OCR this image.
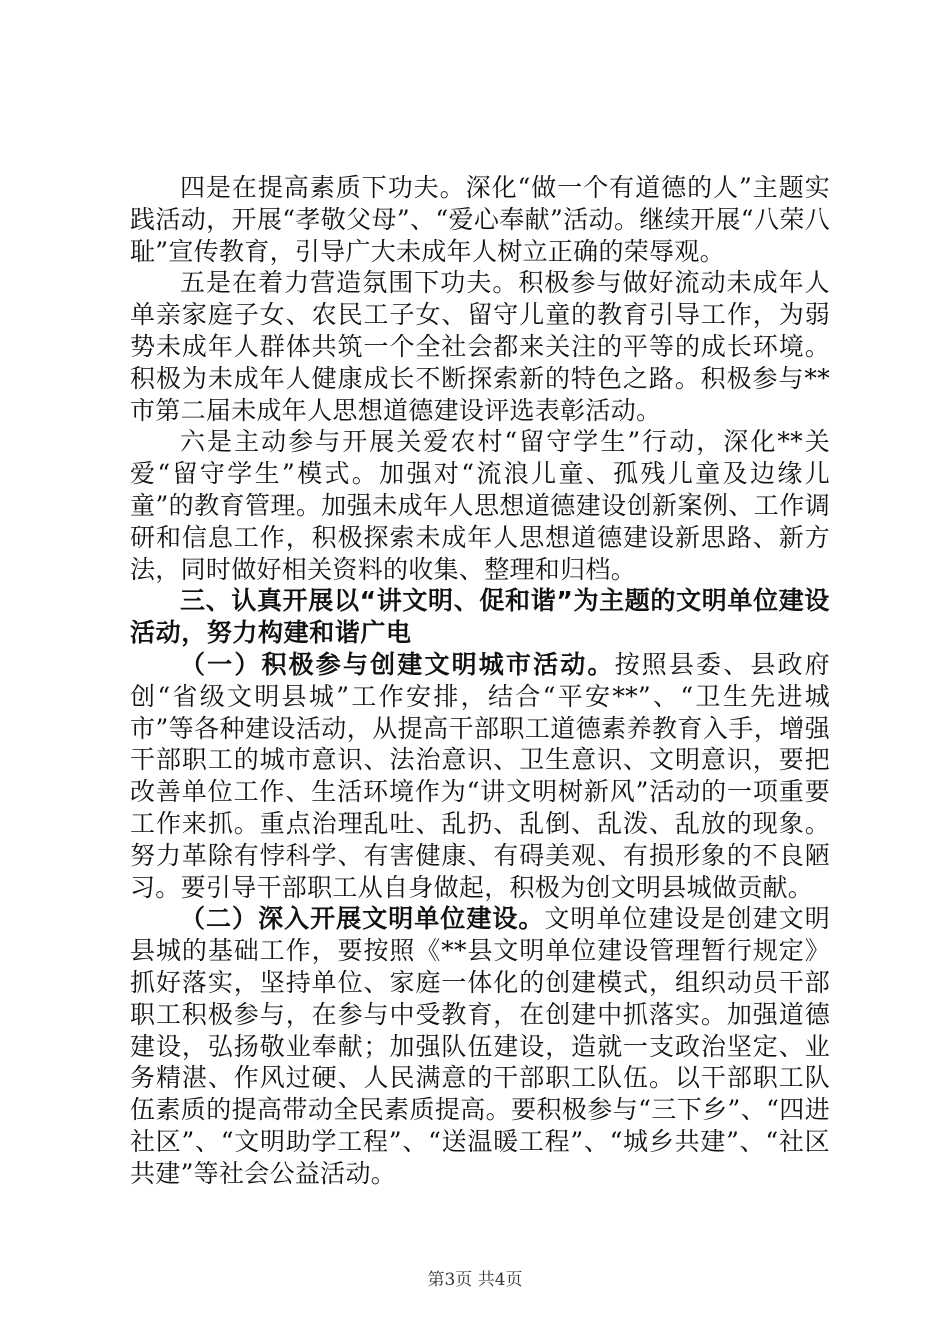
四是在提高素质下功夫。深化“做一个有道德的人”主题实践活动，开展“孝敬父母”、“爱心奉献”活动。继续开展“八荣八耻”宣传教育，引导广大未成年人树立正确的荣辱观。

五是在着力营造氛围下功夫。积极参与做好流动未成年人单亲家庭子女、农民工子女、留守儿童的教育引导工作，为弱势未成年人群体共筑一个全社会都来关注的平等的成长环境。积极为未成年人健康成长不断探索新的特色之路。积极参与**市第二届未成年人思想道德建设评选表彰活动。

六是主动参与开展关爱农村“留守学生”行动，深化**关爱“留守学生”模式。加强对“流浪儿童、孤残儿童及边缘儿童”的教育管理。加强未成年人思想道德建设创新案例、工作调研和信息工作，积极探索未成年人思想道德建设新思路、新方法，同时做好相关资料的收集、整理和归档。

三、认真开展以“讲文明、促和谐”为主题的文明单位建设活动，努力构建和谐广电

（一）积极参与创建文明城市活动。按照县委、县政府创“省级文明县城”工作安排，结合“平安**”、“卫生先进城市”等各种建设活动，从提高干部职工道德素养教育入手，增强干部职工的城市意识、法治意识、卫生意识、文明意识，要把改善单位工作、生活环境作为“讲文明树新风”活动的一项重要工作来抓。重点治理乱吐、乱扔、乱倒、乱泼、乱放的现象。努力革除有悖科学、有害健康、有碍美观、有损形象的不良陋习。要引导干部职工从自身做起，积极为创文明县城做贡献。

（二）深入开展文明单位建设。文明单位建设是创建文明县城的基础工作，要按照《**县文明单位建设管理暂行规定》抓好落实，坚持单位、家庭一体化的创建模式，组织动员干部职工积极参与，在参与中受教育，在创建中抓落实。加强道德建设，弘扬敬业奉献；加强队伍建设，造就一支政治坚定、业务精湛、作风过硬、人民满意的干部职工队伍。以干部职工队伍素质的提高带动全民素质提高。要积极参与“三下乡”、“四进社区”、“文明助学工程”、“送温暖工程”、“城乡共建”、“社区共建”等社会公益活动。

第3页 共4页
